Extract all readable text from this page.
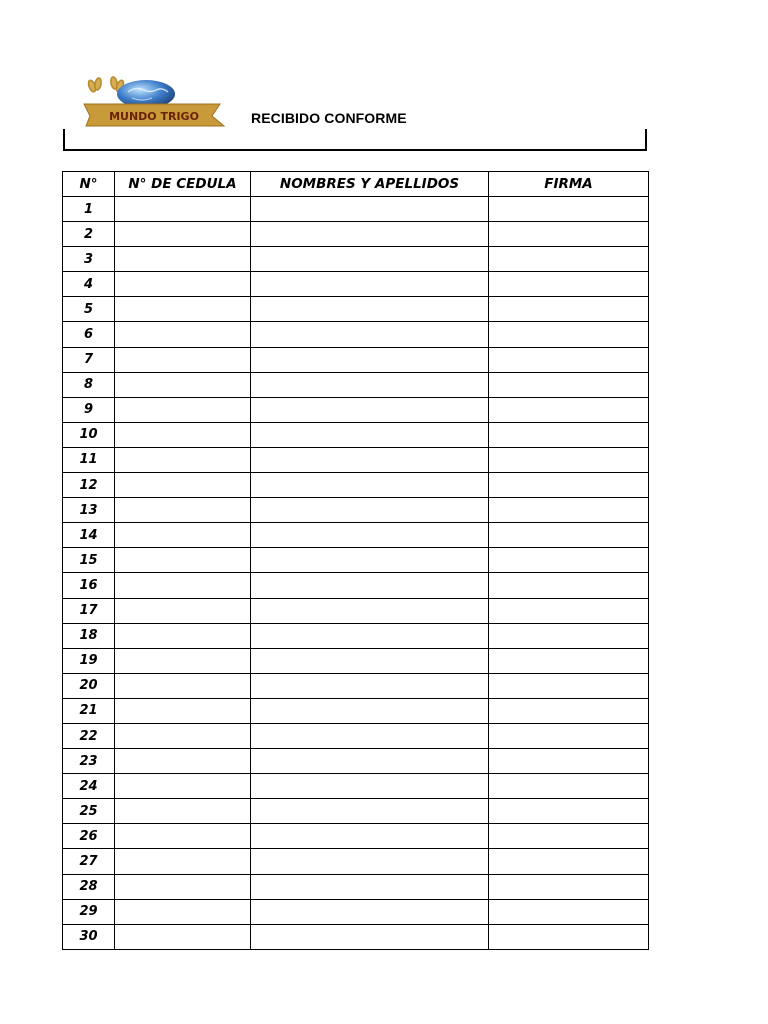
MUNDO TRIGO	RECIBIDO CONFORME
N°	N° DE CEDULA	NOMBRES Y APELLIDOS	FIRMA
1			
2			
3			
4			
5			
6			
7			
8			
9			
10			
11			
12			
13			
14			
15			
16			
17			
18			
19			
20			
21			
22			
23			
24			
25			
26			
27			
28			
29			
30			
